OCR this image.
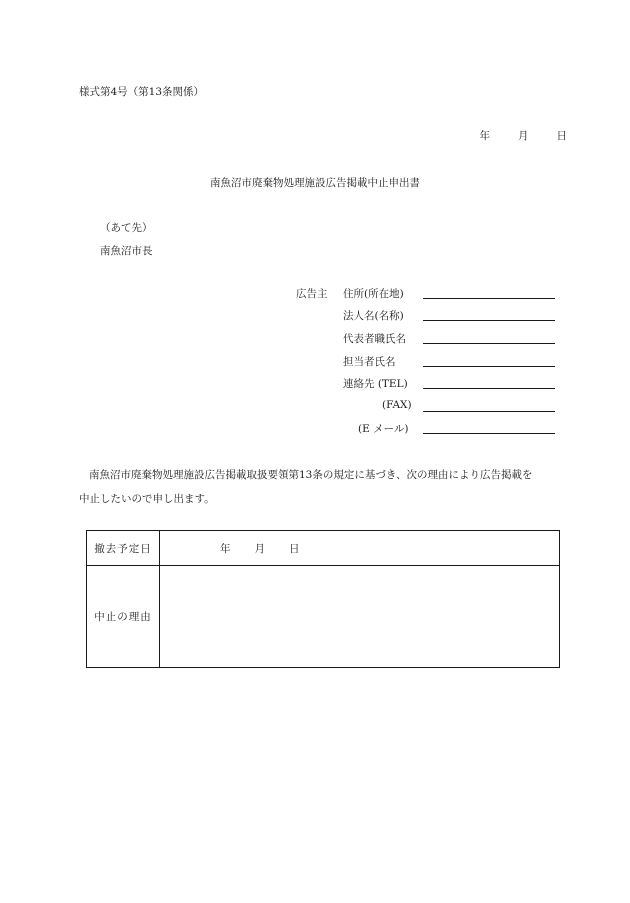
様式第4号（第13条関係）
年	月	日
南魚沼市廃棄物処理施設広告掲載中止申出書
（あて先）
南魚沼市長
広告主 住所(所在地)
法人名(名称)
代表者職氏名
担当者氏名
連絡先 (TEL)
(FAX)
(E メール)
南魚沼市廃棄物処理施設広告掲載取扱要領第13条の規定に基づき、次の理由により広告掲載を
中止したいので申し出ます。
撤去予定日	年 月 日
中止の理由	
